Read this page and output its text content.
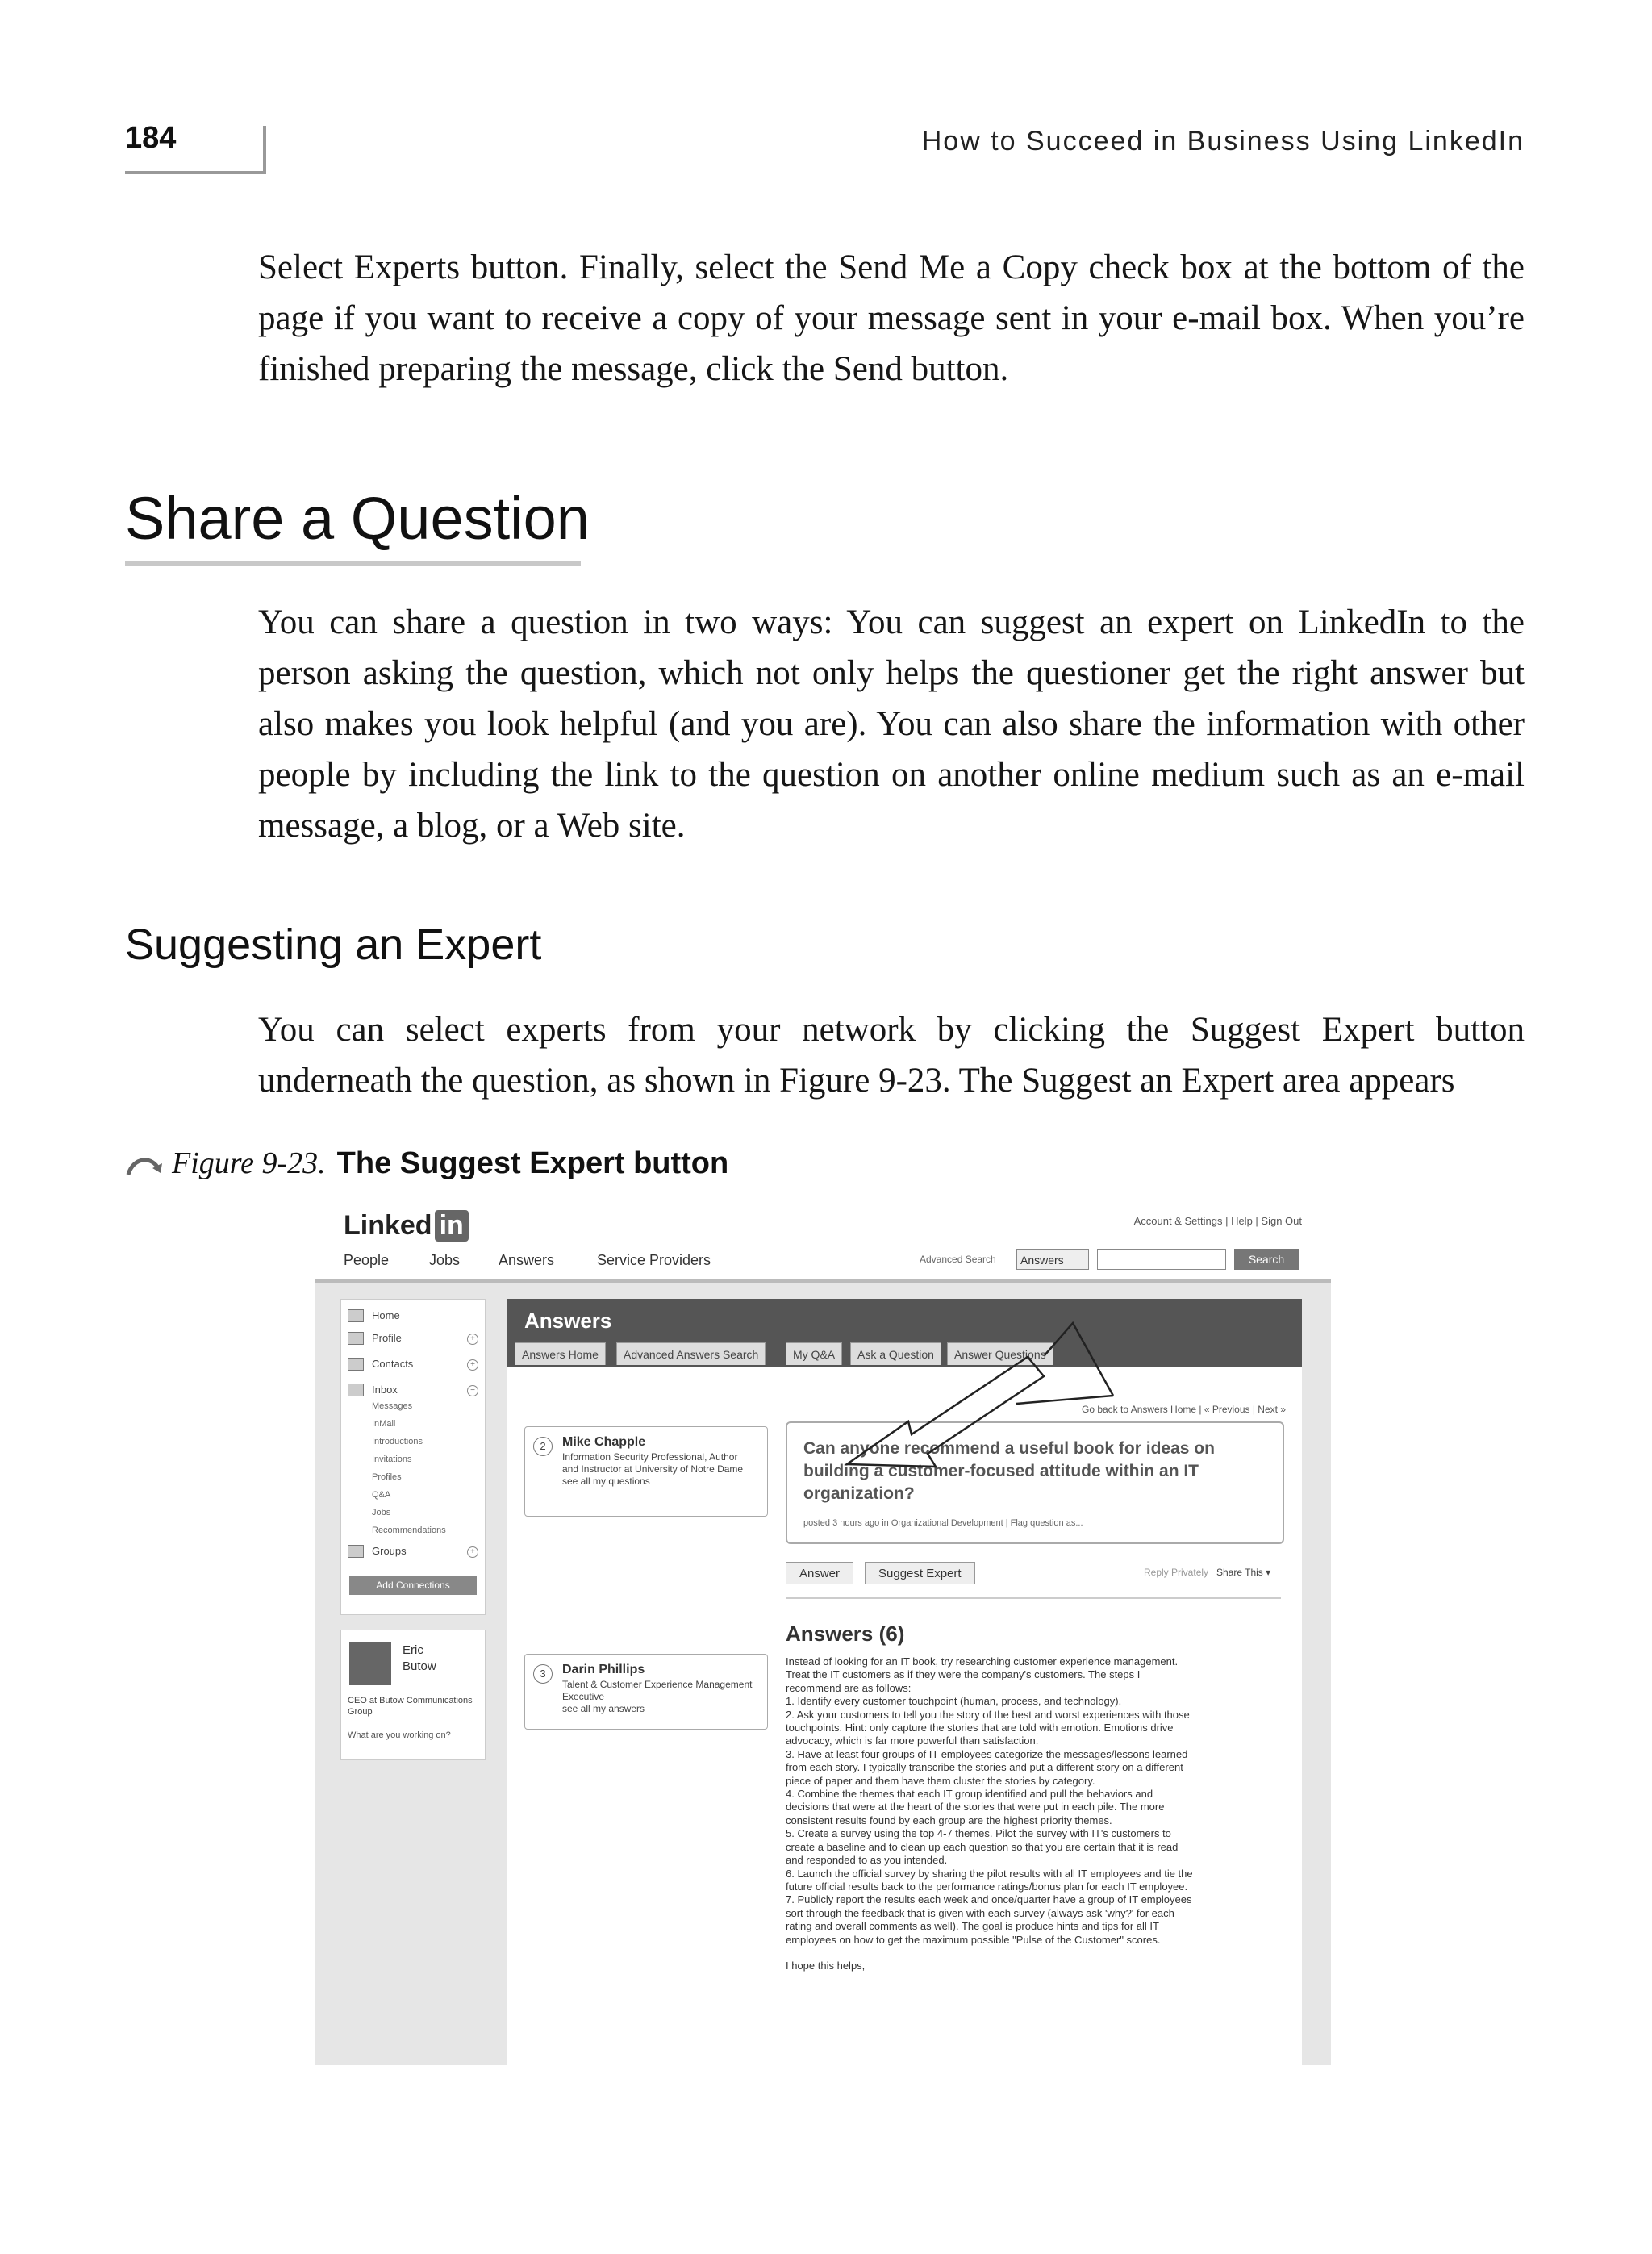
184	How to Succeed in Business Using LinkedIn
Select Experts button. Finally, select the Send Me a Copy check box at the bottom of the page if you want to receive a copy of your message sent in your e-mail box. When you’re finished preparing the message, click the Send button.
Share a Question
You can share a question in two ways: You can suggest an expert on LinkedIn to the person asking the question, which not only helps the questioner get the right answer but also makes you look helpful (and you are). You can also share the information with other people by including the link to the question on another online medium such as an e-mail message, a blog, or a Web site.
Suggesting an Expert
You can select experts from your network by clicking the Suggest Expert button underneath the question, as shown in Figure 9-23. The Suggest an Expert area appears
Figure 9-23. The Suggest Expert button
Linked in	Account & Settings | Help | Sign Out
People	Jobs	Answers	Service Providers	Advanced Search	Answers	Search
Home
Profile	+
Contacts	+
Inbox	−
Messages
InMail
Introductions
Invitations
Profiles
Q&A
Jobs
Recommendations
Groups	+
Add Connections
Eric
Butow
CEO at Butow Communications Group
What are you working on?
Answers
Answers Home	Advanced Answers Search	My Q&A	Ask a Question	Answer Questions
Go back to Answers Home | « Previous | Next »
2	Mike Chapple
Information Security Professional, Author and Instructor at University of Notre Dame
see all my questions
Can anyone recommend a useful book for ideas on building a customer-focused attitude within an IT organization?
posted 3 hours ago in Organizational Development | Flag question as...
Answer	Suggest Expert	Reply Privately Share This ▾
Answers (6)
3	Darin Phillips
Talent & Customer Experience Management Executive
see all my answers
Instead of looking for an IT book, try researching customer experience management.
Treat the IT customers as if they were the company's customers. The steps I
recommend are as follows:
1. Identify every customer touchpoint (human, process, and technology).
2. Ask your customers to tell you the story of the best and worst experiences with those
touchpoints. Hint: only capture the stories that are told with emotion. Emotions drive
advocacy, which is far more powerful than satisfaction.
3. Have at least four groups of IT employees categorize the messages/lessons learned
from each story. I typically transcribe the stories and put a different story on a different
piece of paper and them have them cluster the stories by category.
4. Combine the themes that each IT group identified and pull the behaviors and
decisions that were at the heart of the stories that were put in each pile. The more
consistent results found by each group are the highest priority themes.
5. Create a survey using the top 4-7 themes. Pilot the survey with IT's customers to
create a baseline and to clean up each question so that you are certain that it is read
and responded to as you intended.
6. Launch the official survey by sharing the pilot results with all IT employees and tie the
future official results back to the performance ratings/bonus plan for each IT employee.
7. Publicly report the results each week and once/quarter have a group of IT employees
sort through the feedback that is given with each survey (always ask 'why?' for each
rating and overall comments as well). The goal is produce hints and tips for all IT
employees on how to get the maximum possible "Pulse of the Customer" scores.

I hope this helps,
